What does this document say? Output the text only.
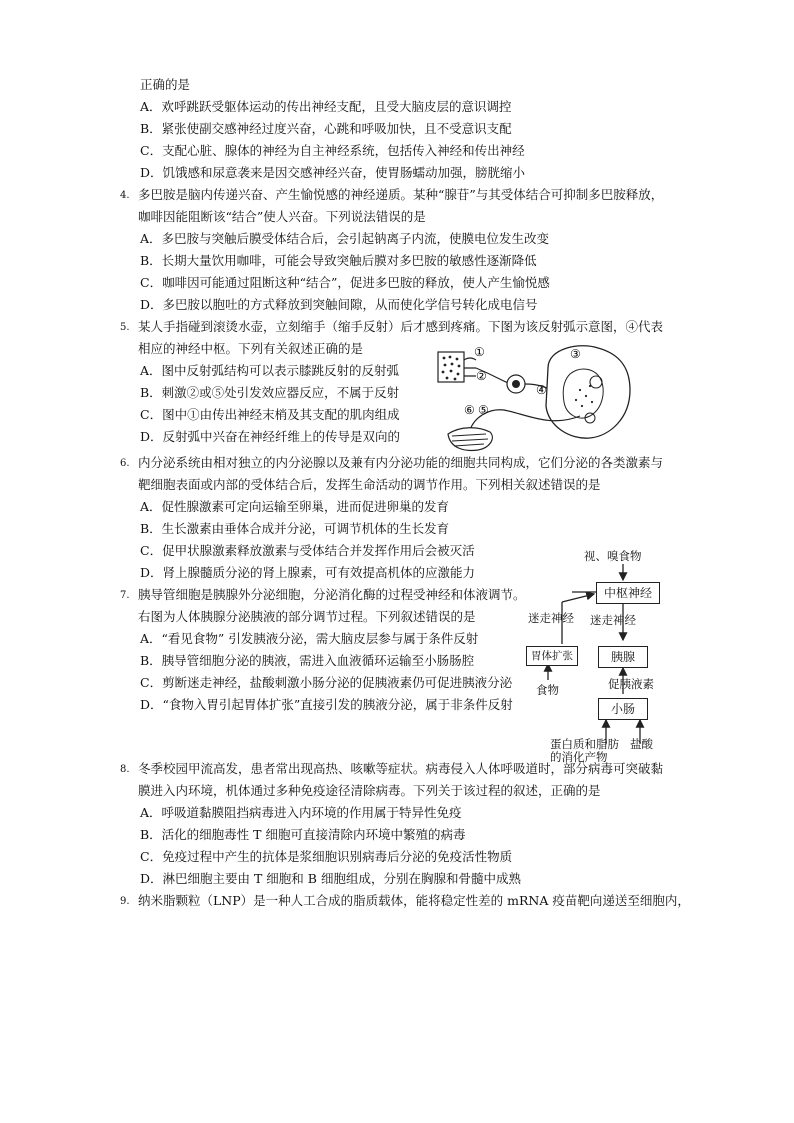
正确的是
A．欢呼跳跃受躯体运动的传出神经支配，且受大脑皮层的意识调控
B．紧张使副交感神经过度兴奋，心跳和呼吸加快，且不受意识支配
C．支配心脏、腺体的神经为自主神经系统，包括传入神经和传出神经
D．饥饿感和尿意袭来是因交感神经兴奋，使胃肠蠕动加强，膀胱缩小
4. 多巴胺是脑内传递兴奋、产生愉悦感的神经递质。某种“腺苷”与其受体结合可抑制多巴胺释放，
咖啡因能阻断该“结合”使人兴奋。下列说法错误的是
A．多巴胺与突触后膜受体结合后，会引起钠离子内流，使膜电位发生改变
B．长期大量饮用咖啡，可能会导致突触后膜对多巴胺的敏感性逐渐降低
C．咖啡因可能通过阻断这种“结合”，促进多巴胺的释放，使人产生愉悦感
D．多巴胺以胞吐的方式释放到突触间隙，从而使化学信号转化成电信号
5. 某人手指碰到滚烫水壶，立刻缩手（缩手反射）后才感到疼痛。下图为该反射弧示意图，④代表
相应的神经中枢。下列有关叙述正确的是
A．图中反射弧结构可以表示膝跳反射的反射弧
B．刺激②或⑤处引发效应器反应，不属于反射
C．图中①由传出神经末梢及其支配的肌肉组成
D．反射弧中兴奋在神经纤维上的传导是双向的
①
②
③
④
⑤
⑥
6. 内分泌系统由相对独立的内分泌腺以及兼有内分泌功能的细胞共同构成，它们分泌的各类激素与
靶细胞表面或内部的受体结合后，发挥生命活动的调节作用。下列相关叙述错误的是
A．促性腺激素可定向运输至卵巢，进而促进卵巢的发育
B．生长激素由垂体合成并分泌，可调节机体的生长发育
C．促甲状腺激素释放激素与受体结合并发挥作用后会被灭活
D．肾上腺髓质分泌的肾上腺素，可有效提高机体的应激能力
7. 胰导管细胞是胰腺外分泌细胞，分泌消化酶的过程受神经和体液调节。
右图为人体胰腺分泌胰液的部分调节过程。下列叙述错误的是
A．“看见食物” 引发胰液分泌，需大脑皮层参与属于条件反射
B．胰导管细胞分泌的胰液，需进入血液循环运输至小肠肠腔
C．剪断迷走神经，盐酸刺激小肠分泌的促胰液素仍可促进胰液分泌
D．“食物入胃引起胃体扩张”直接引发的胰液分泌，属于非条件反射
视、嗅食物
中枢神经
迷走神经 迷走神经
胃体扩张	胰腺
食物	促胰液素
小肠
蛋白质和脂肪
的消化产物
盐酸
8. 冬季校园甲流高发，患者常出现高热、咳嗽等症状。病毒侵入人体呼吸道时，部分病毒可突破黏
膜进入内环境，机体通过多种免疫途径清除病毒。下列关于该过程的叙述，正确的是
A．呼吸道黏膜阻挡病毒进入内环境的作用属于特异性免疫
B．活化的细胞毒性 T 细胞可直接清除内环境中繁殖的病毒
C．免疫过程中产生的抗体是浆细胞识别病毒后分泌的免疫活性物质
D．淋巴细胞主要由 T 细胞和 B 细胞组成，分别在胸腺和骨髓中成熟
9. 纳米脂颗粒（LNP）是一种人工合成的脂质载体，能将稳定性差的 mRNA 疫苗靶向递送至细胞内，
